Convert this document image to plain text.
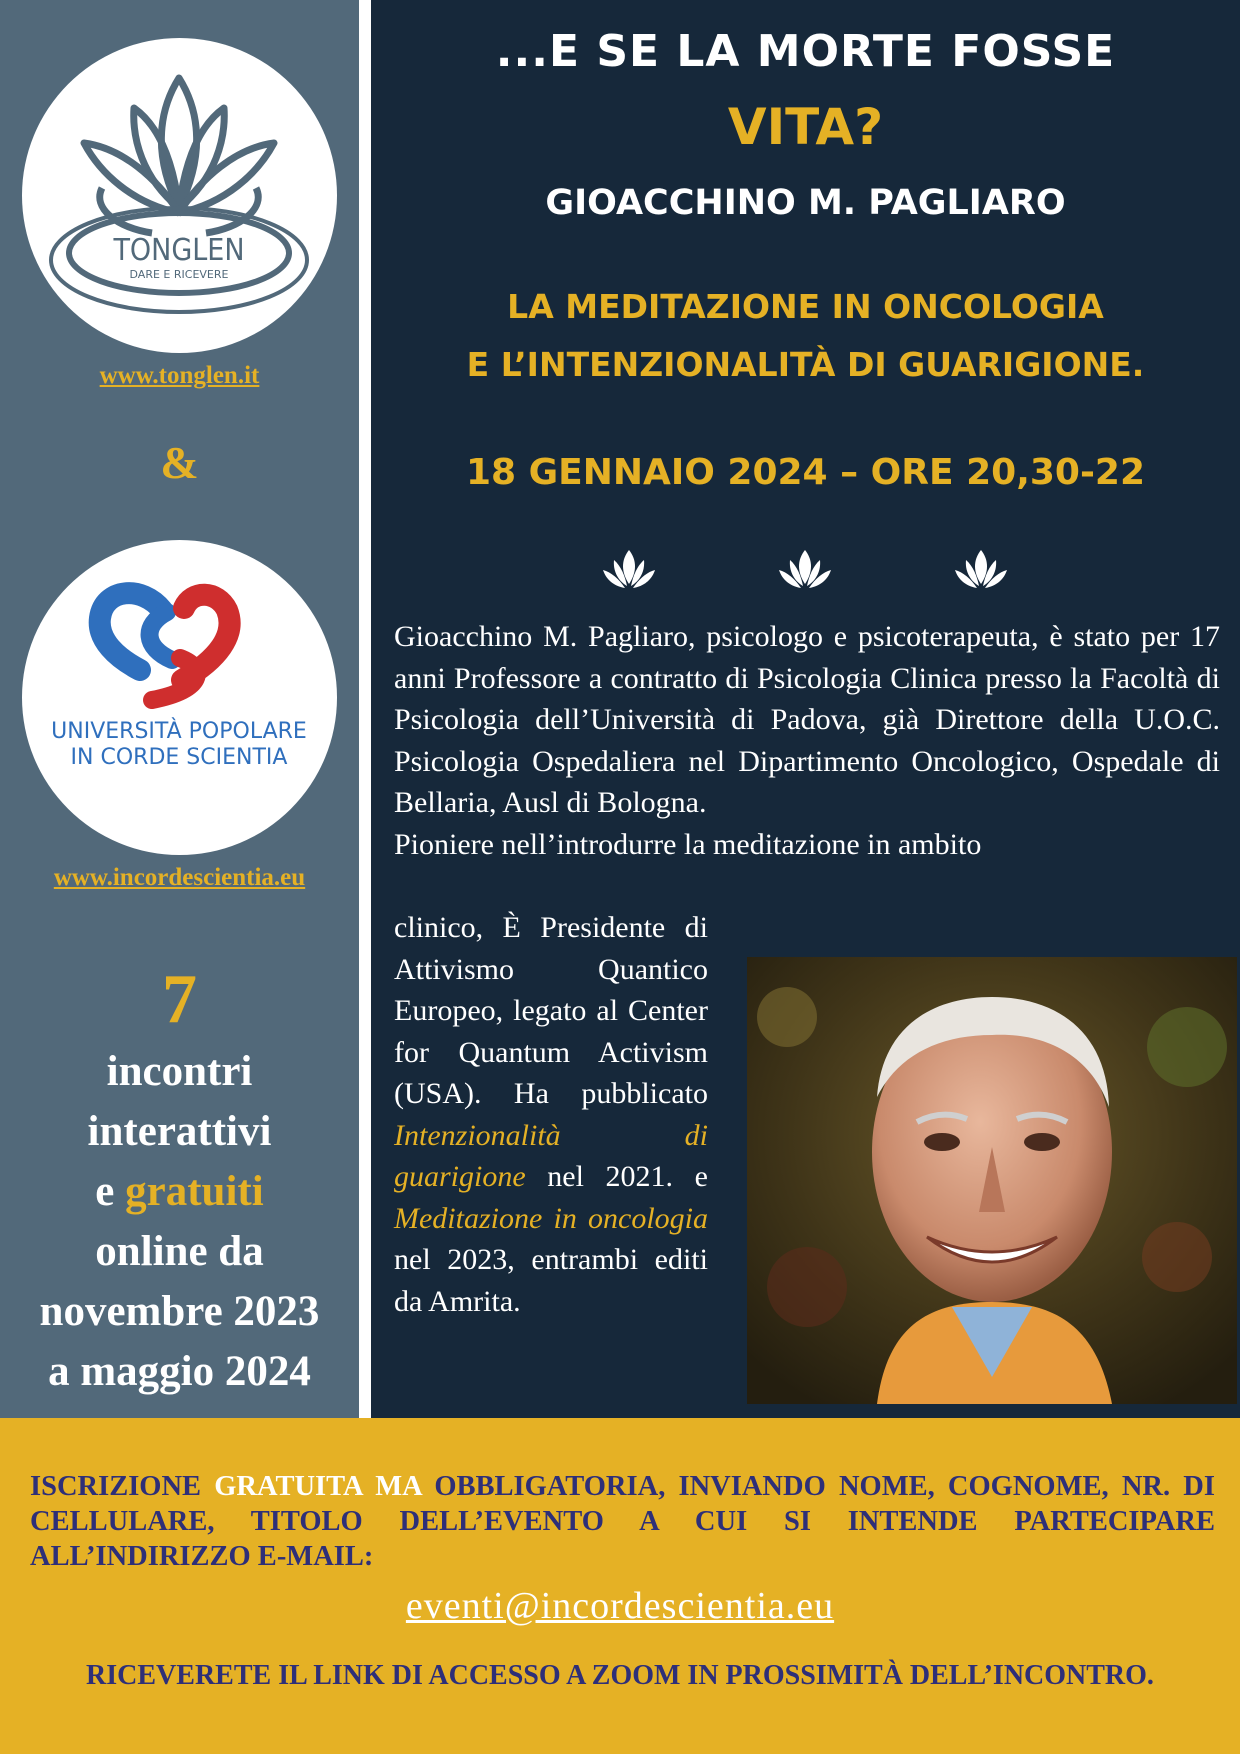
TONGLEN
DARE E RICEVERE
www.tonglen.it
&
UNIVERSITÀ POPOLARE
IN CORDE SCIENTIA
www.incordescientia.eu
7
incontri
interattivi
e gratuiti
online da
novembre 2023
a maggio 2024
...E SE LA MORTE FOSSE
VITA?
GIOACCHINO M. PAGLIARO
LA MEDITAZIONE IN ONCOLOGIA
E L’INTENZIONALITÀ DI GUARIGIONE.
18 GENNAIO 2024 – ORE 20,30-22

Gioacchino M. Pagliaro, psicologo e psicoterapeuta, è stato per 17 anni Professore a contratto di Psicologia Clinica presso la Facoltà di Psicologia dell’Università di Padova, già Direttore della U.O.C. Psicologia Ospedaliera nel Dipartimento Oncologico, Ospedale di Bellaria, Ausl di Bologna.

Pioniere nell’introdurre la meditazione in ambito

clinico, È Presidente di Attivismo Quantico Europeo, legato al Center for Quantum Activism (USA). Ha pubblicato Intenzionalità di guarigione nel 2021. e Meditazione in oncologia nel 2023, entrambi editi da Amrita.
ISCRIZIONE GRATUITA MA OBBLIGATORIA, INVIANDO NOME, COGNOME, NR. DI CELLULARE, TITOLO DELL’EVENTO A CUI SI INTENDE PARTECIPARE ALL’INDIRIZZO E-MAIL:
eventi@incordescientia.eu
RICEVERETE IL LINK DI ACCESSO A ZOOM IN PROSSIMITÀ DELL’INCONTRO.
